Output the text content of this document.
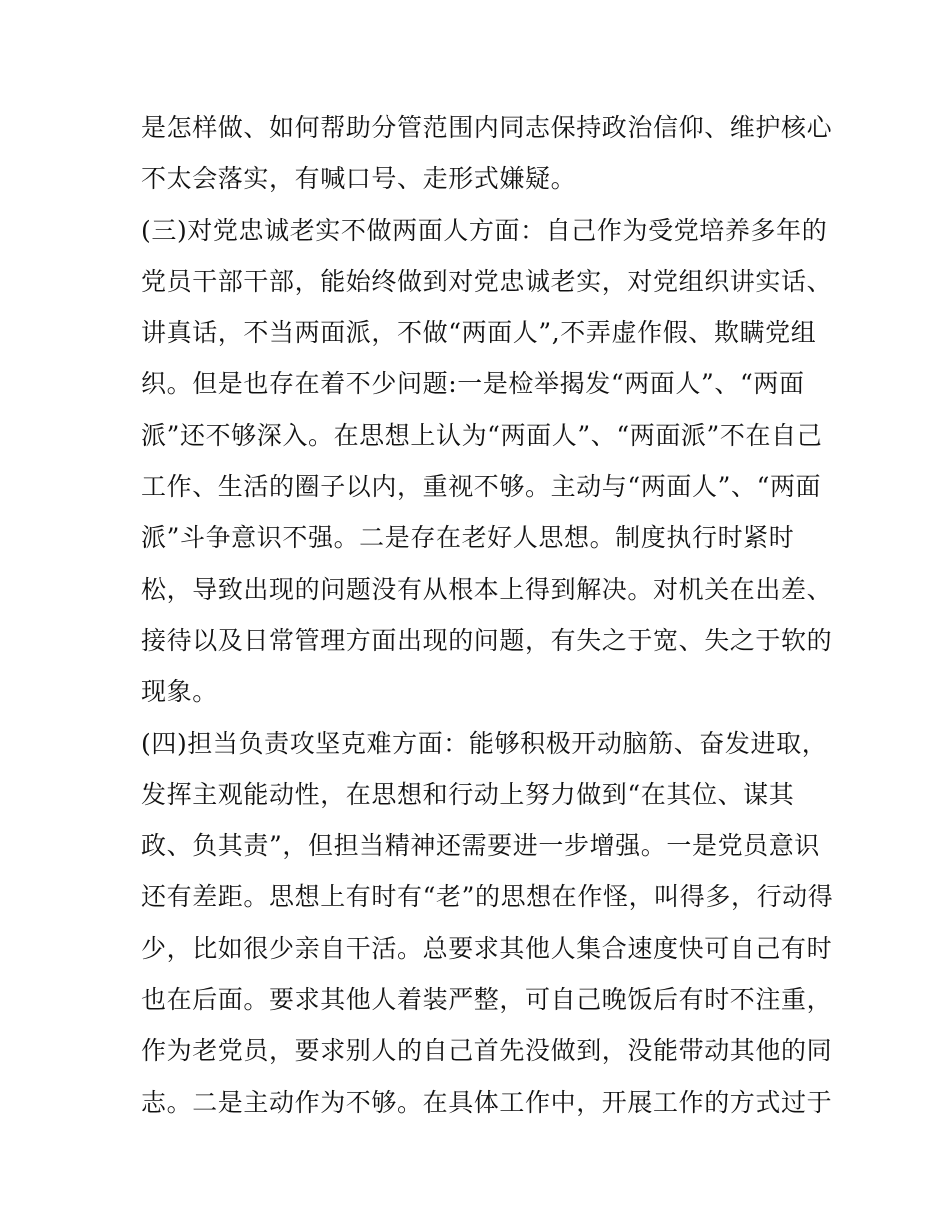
是怎样做、如何帮助分管范围内同志保持政治信仰、维护核心
不太会落实，有喊口号、走形式嫌疑。
(三)对党忠诚老实不做两面人方面：自己作为受党培养多年的
党员干部干部，能始终做到对党忠诚老实，对党组织讲实话、
讲真话，不当两面派，不做“两面人”,不弄虚作假、欺瞒党组
织。但是也存在着不少问题:一是检举揭发“两面人”、“两面
派”还不够深入。在思想上认为“两面人”、“两面派”不在自己
工作、生活的圈子以内，重视不够。主动与“两面人”、“两面
派”斗争意识不强。二是存在老好人思想。制度执行时紧时
松，导致出现的问题没有从根本上得到解决。对机关在出差、
接待以及日常管理方面出现的问题，有失之于宽、失之于软的
现象。
(四)担当负责攻坚克难方面：能够积极开动脑筋、奋发进取，
发挥主观能动性，在思想和行动上努力做到“在其位、谋其
政、负其责”，但担当精神还需要进一步增强。一是党员意识
还有差距。思想上有时有“老”的思想在作怪，叫得多，行动得
少，比如很少亲自干活。总要求其他人集合速度快可自己有时
也在后面。要求其他人着装严整，可自己晚饭后有时不注重，
作为老党员，要求别人的自己首先没做到，没能带动其他的同
志。二是主动作为不够。在具体工作中，开展工作的方式过于
